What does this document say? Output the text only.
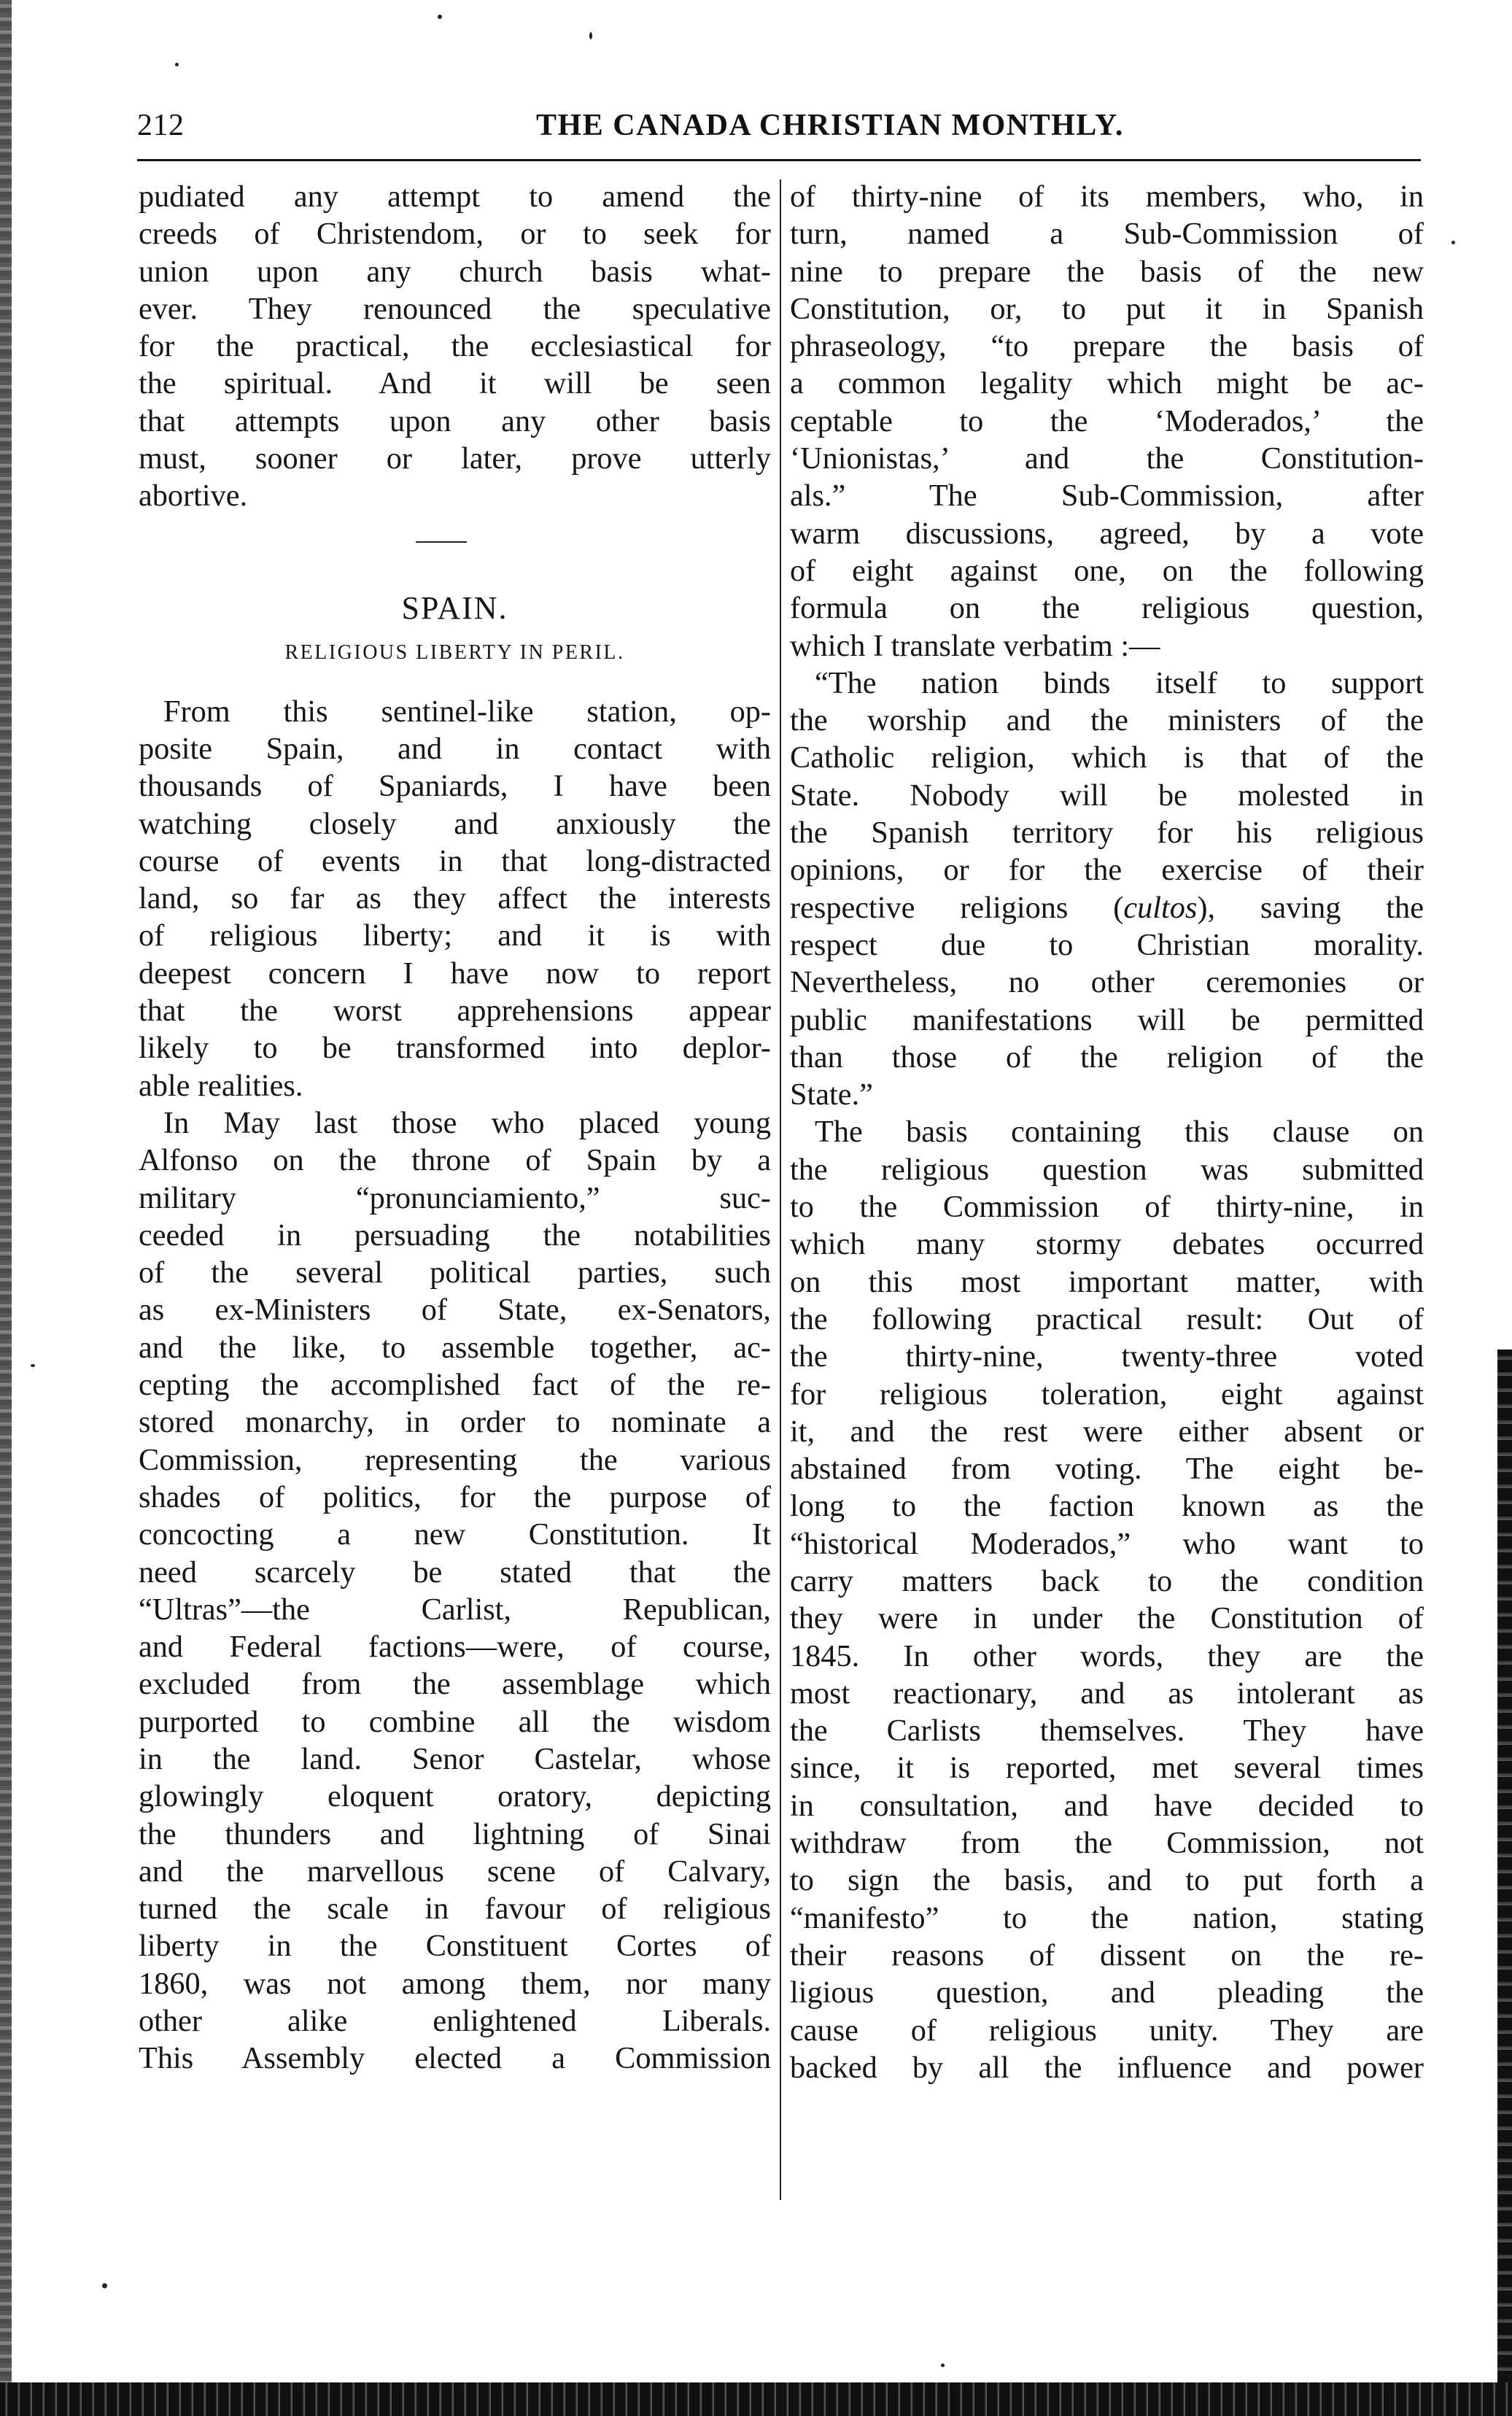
212	THE CANADA CHRISTIAN MONTHLY.
pudiated any attempt to amend the
creeds of Christendom, or to seek for
union upon any church basis what-
ever. They renounced the speculative
for the practical, the ecclesiastical for
the spiritual. And it will be seen
that attempts upon any other basis
must, sooner or later, prove utterly
abortive.
SPAIN.
RELIGIOUS LIBERTY IN PERIL.
From this sentinel-like station, op-
posite Spain, and in contact with
thousands of Spaniards, I have been
watching closely and anxiously the
course of events in that long-distracted
land, so far as they affect the interests
of religious liberty; and it is with
deepest concern I have now to report
that the worst apprehensions appear
likely to be transformed into deplor-
able realities.
In May last those who placed young
Alfonso on the throne of Spain by a
military “pronunciamiento,” suc-
ceeded in persuading the notabilities
of the several political parties, such
as ex-Ministers of State, ex-Senators,
and the like, to assemble together, ac-
cepting the accomplished fact of the re-
stored monarchy, in order to nominate a
Commission, representing the various
shades of politics, for the purpose of
concocting a new Constitution. It
need scarcely be stated that the
“Ultras”—the Carlist, Republican,
and Federal factions—were, of course,
excluded from the assemblage which
purported to combine all the wisdom
in the land. Senor Castelar, whose
glowingly eloquent oratory, depicting
the thunders and lightning of Sinai
and the marvellous scene of Calvary,
turned the scale in favour of religious
liberty in the Constituent Cortes of
1860, was not among them, nor many
other alike enlightened Liberals.
This Assembly elected a Commission
of thirty-nine of its members, who, in
turn, named a Sub-Commission of
nine to prepare the basis of the new
Constitution, or, to put it in Spanish
phraseology, “to prepare the basis of
a common legality which might be ac-
ceptable to the ‘Moderados,’ the
‘Unionistas,’ and the Constitution-
als.” The Sub-Commission, after
warm discussions, agreed, by a vote
of eight against one, on the following
formula on the religious question,
which I translate verbatim :—
“The nation binds itself to support
the worship and the ministers of the
Catholic religion, which is that of the
State. Nobody will be molested in
the Spanish territory for his religious
opinions, or for the exercise of their
respective religions (cultos), saving the
respect due to Christian morality.
Nevertheless, no other ceremonies or
public manifestations will be permitted
than those of the religion of the
State.”
The basis containing this clause on
the religious question was submitted
to the Commission of thirty-nine, in
which many stormy debates occurred
on this most important matter, with
the following practical result: Out of
the thirty-nine, twenty-three voted
for religious toleration, eight against
it, and the rest were either absent or
abstained from voting. The eight be-
long to the faction known as the
“historical Moderados,” who want to
carry matters back to the condition
they were in under the Constitution of
1845. In other words, they are the
most reactionary, and as intolerant as
the Carlists themselves. They have
since, it is reported, met several times
in consultation, and have decided to
withdraw from the Commission, not
to sign the basis, and to put forth a
“manifesto” to the nation, stating
their reasons of dissent on the re-
ligious question, and pleading the
cause of religious unity. They are
backed by all the influence and power
